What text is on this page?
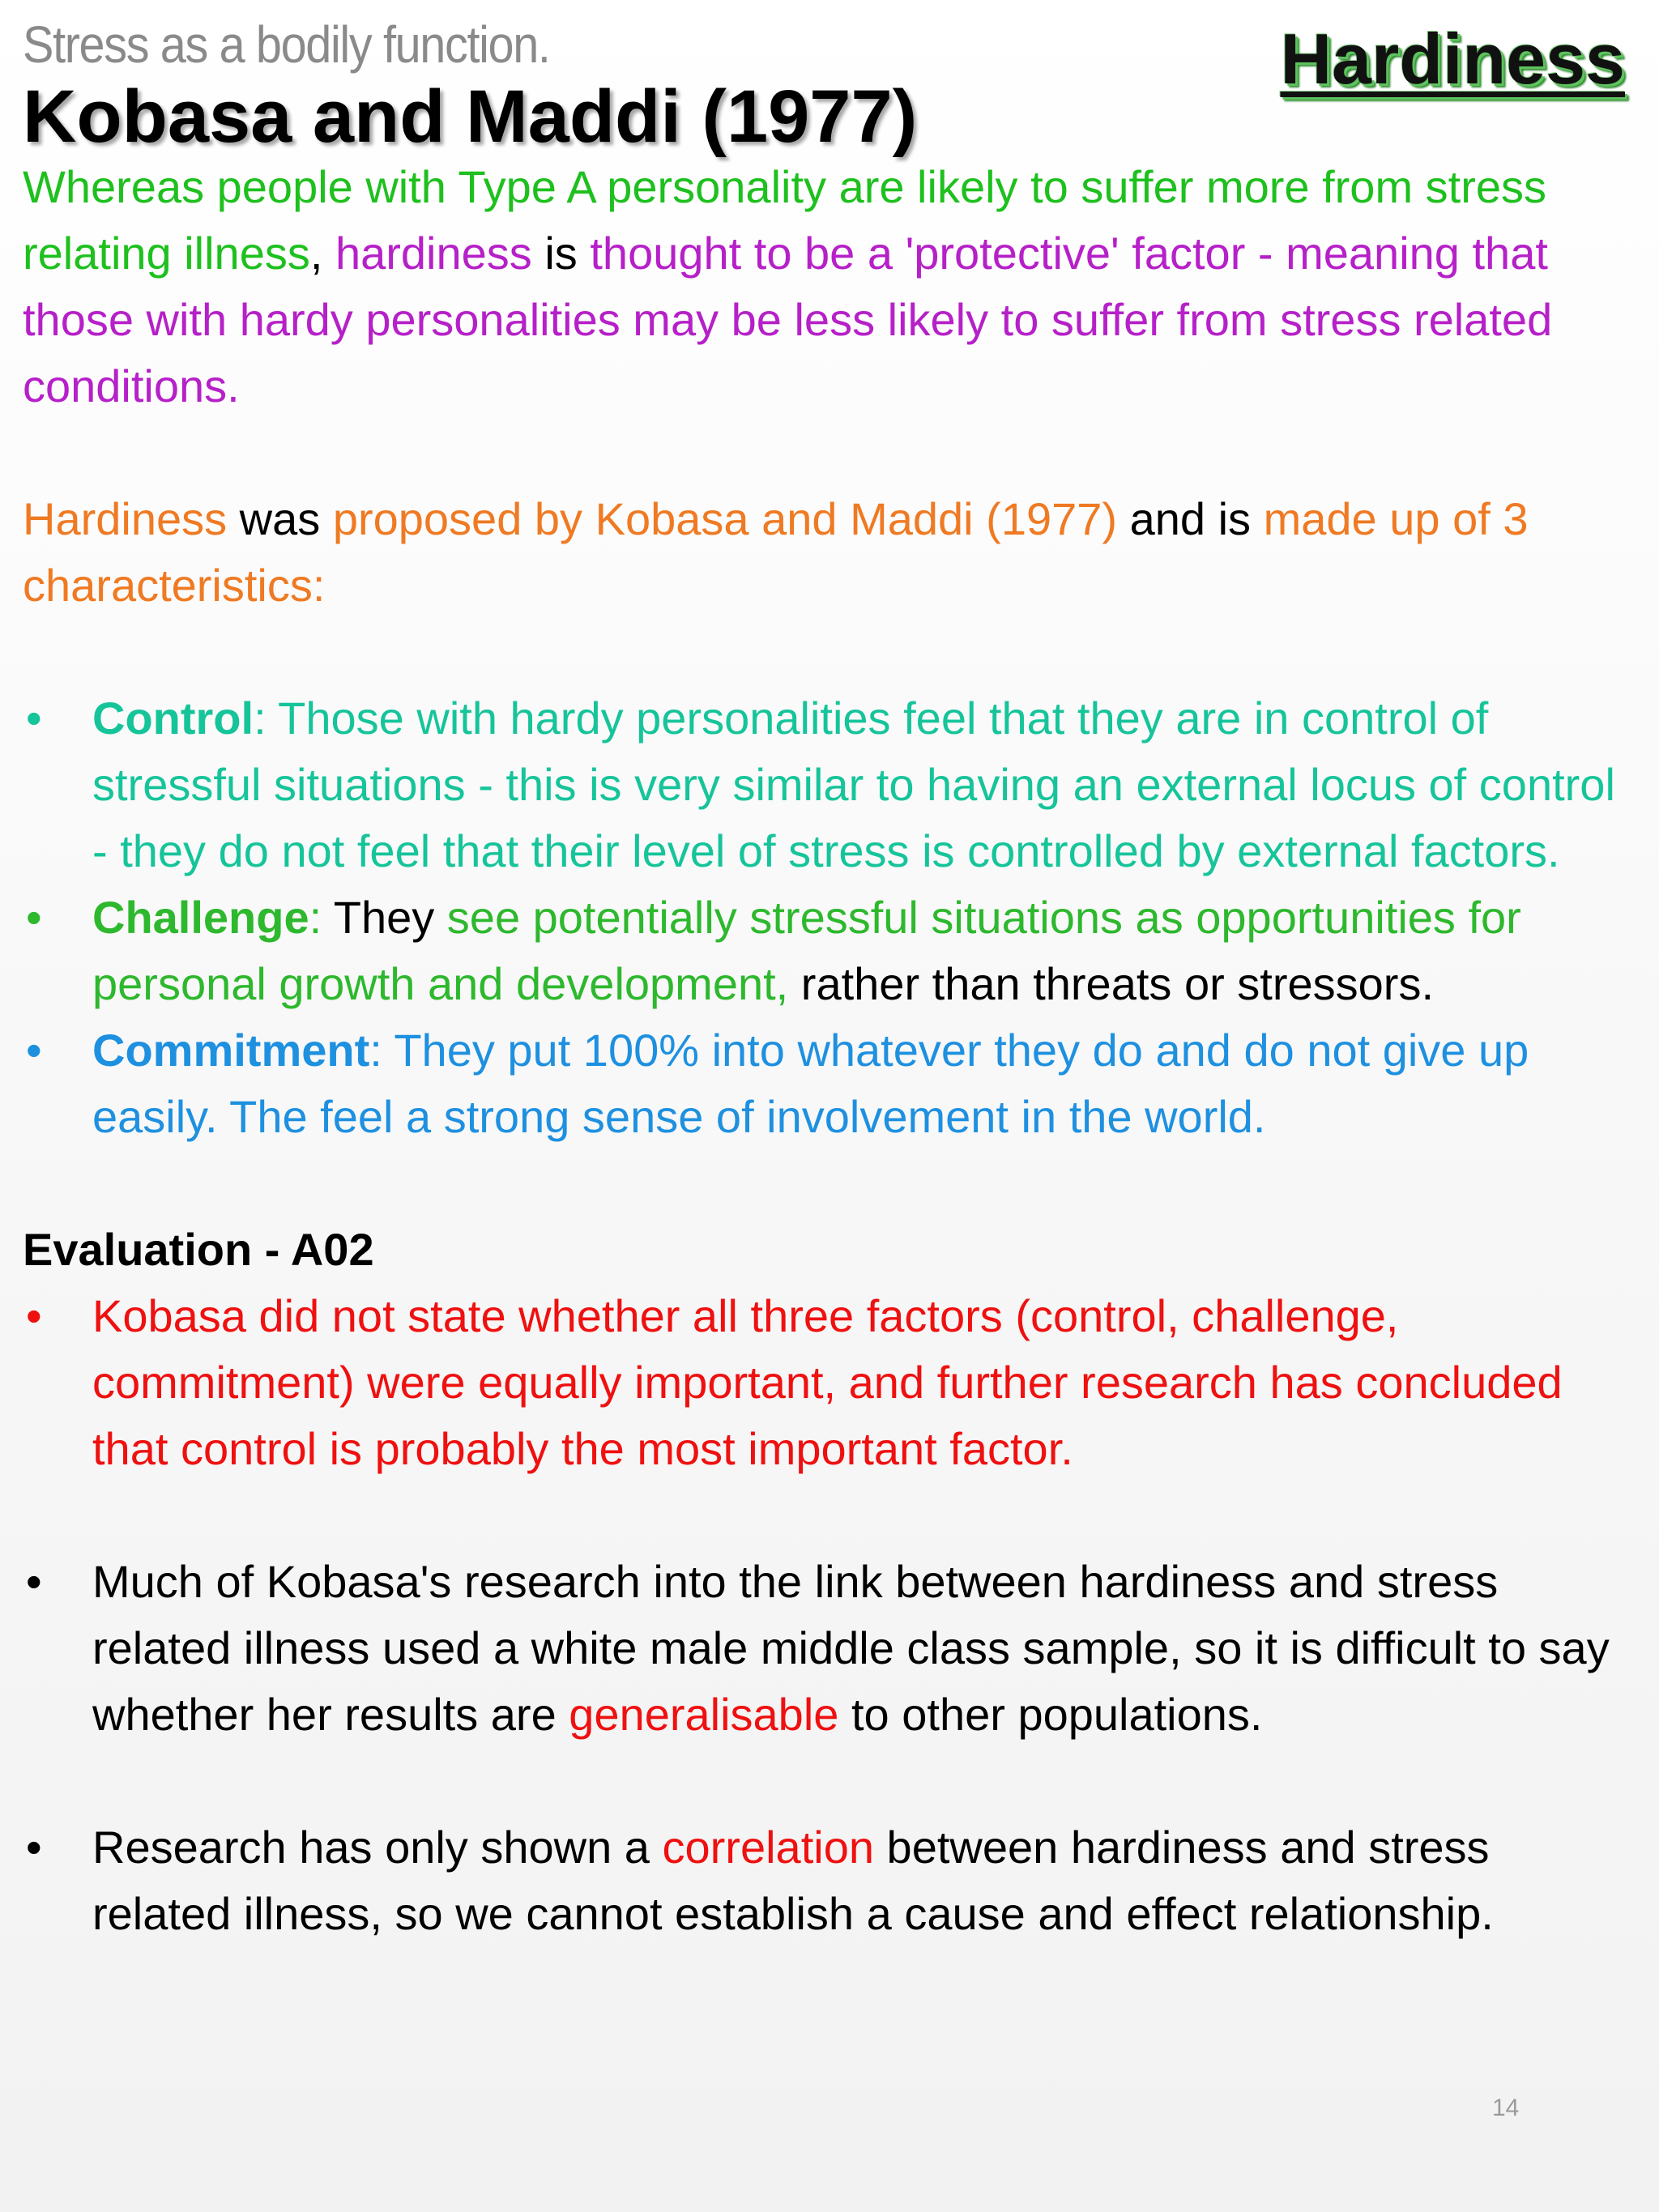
Stress as a bodily function.	Hardiness
Kobasa and Maddi (1977)

Whereas people with Type A personality are likely to suffer more from stress relating illness, hardiness is thought to be a 'protective' factor - meaning that those with hardy personalities may be less likely to suffer from stress related conditions.

Hardiness was proposed by Kobasa and Maddi (1977) and is made up of 3 characteristics:

• Control: Those with hardy personalities feel that they are in control of stressful situations - this is very similar to having an external locus of control - they do not feel that their level of stress is controlled by external factors.
• Challenge: They see potentially stressful situations as opportunities for personal growth and development, rather than threats or stressors.
• Commitment: They put 100% into whatever they do and do not give up easily. The feel a strong sense of involvement in the world.
Evaluation - A02
• Kobasa did not state whether all three factors (control, challenge, commitment) were equally important, and further research has concluded that control is probably the most important factor.
• Much of Kobasa's research into the link between hardiness and stress related illness used a white male middle class sample, so it is difficult to say whether her results are generalisable to other populations.
• Research has only shown a correlation between hardiness and stress related illness, so we cannot establish a cause and effect relationship.
14
